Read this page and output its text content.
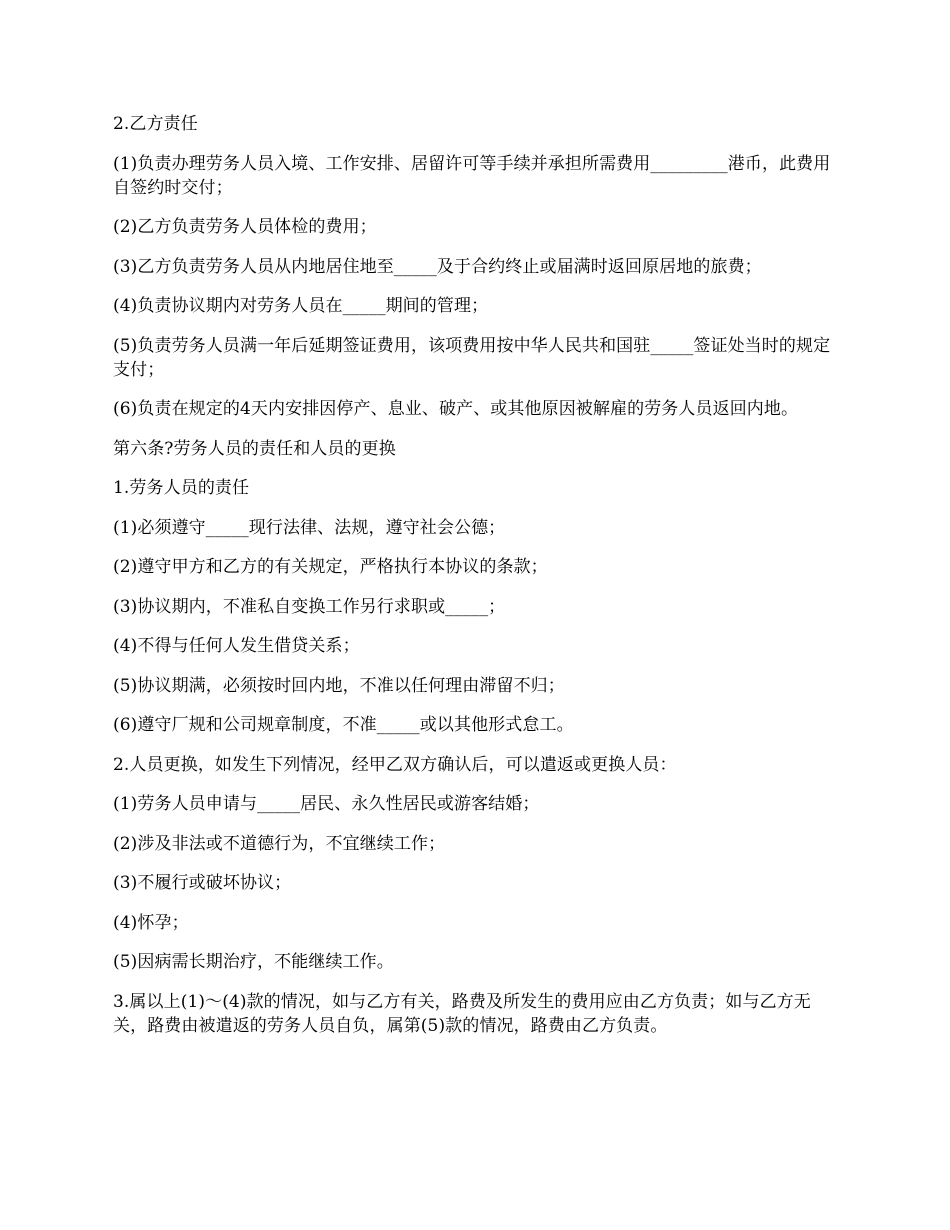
2.乙方责任

(1)负责办理劳务人员入境、工作安排、居留许可等手续并承担所需费用_________港币，此费用自签约时交付；

(2)乙方负责劳务人员体检的费用；

(3)乙方负责劳务人员从内地居住地至_____及于合约终止或届满时返回原居地的旅费；

(4)负责协议期内对劳务人员在_____期间的管理；

(5)负责劳务人员满一年后延期签证费用，该项费用按中华人民共和国驻_____签证处当时的规定支付；

(6)负责在规定的4天内安排因停产、息业、破产、或其他原因被解雇的劳务人员返回内地。

第六条?劳务人员的责任和人员的更换

1.劳务人员的责任

(1)必须遵守_____现行法律、法规，遵守社会公德；

(2)遵守甲方和乙方的有关规定，严格执行本协议的条款；

(3)协议期内，不准私自变换工作另行求职或_____；

(4)不得与任何人发生借贷关系；

(5)协议期满，必须按时回内地，不准以任何理由滞留不归；

(6)遵守厂规和公司规章制度，不准_____或以其他形式怠工。

2.人员更换，如发生下列情况，经甲乙双方确认后，可以遣返或更换人员：

(1)劳务人员申请与_____居民、永久性居民或游客结婚；

(2)涉及非法或不道德行为，不宜继续工作；

(3)不履行或破坏协议；

(4)怀孕；

(5)因病需长期治疗，不能继续工作。

3.属以上(1)～(4)款的情况，如与乙方有关，路费及所发生的费用应由乙方负责；如与乙方无关，路费由被遣返的劳务人员自负，属第(5)款的情况，路费由乙方负责。
